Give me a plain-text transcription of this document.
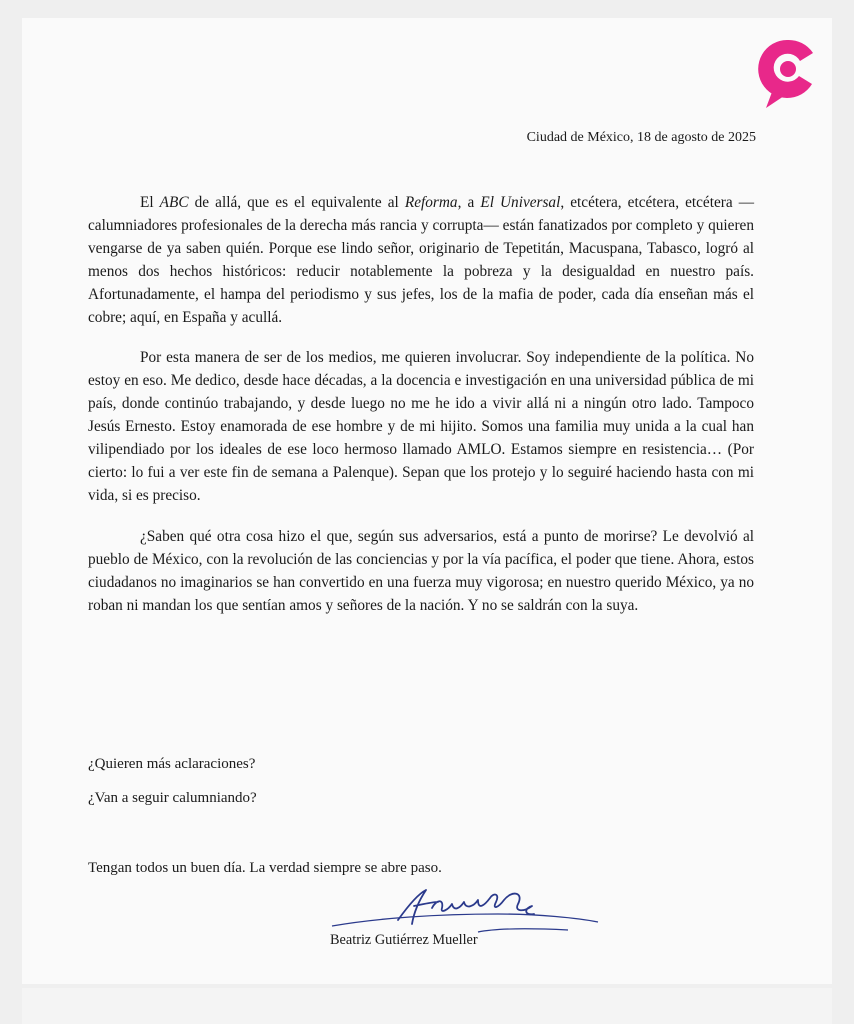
Ciudad de México, 18 de agosto de 2025

El ABC de allá, que es el equivalente al Reforma, a El Universal, etcétera, etcétera, etcétera —calumniadores profesionales de la derecha más rancia y corrupta— están fanatizados por completo y quieren vengarse de ya saben quién. Porque ese lindo señor, originario de Tepetitán, Macuspana, Tabasco, logró al menos dos hechos históricos: reducir notablemente la pobreza y la desigualdad en nuestro país. Afortunadamente, el hampa del periodismo y sus jefes, los de la mafia de poder, cada día enseñan más el cobre; aquí, en España y acullá.

Por esta manera de ser de los medios, me quieren involucrar. Soy independiente de la política. No estoy en eso. Me dedico, desde hace décadas, a la docencia e investigación en una universidad pública de mi país, donde continúo trabajando, y desde luego no me he ido a vivir allá ni a ningún otro lado. Tampoco Jesús Ernesto. Estoy enamorada de ese hombre y de mi hijito. Somos una familia muy unida a la cual han vilipendiado por los ideales de ese loco hermoso llamado AMLO. Estamos siempre en resistencia… (Por cierto: lo fui a ver este fin de semana a Palenque). Sepan que los protejo y lo seguiré haciendo hasta con mi vida, si es preciso.

¿Saben qué otra cosa hizo el que, según sus adversarios, está a punto de morirse? Le devolvió al pueblo de México, con la revolución de las conciencias y por la vía pacífica, el poder que tiene. Ahora, estos ciudadanos no imaginarios se han convertido en una fuerza muy vigorosa; en nuestro querido México, ya no roban ni mandan los que sentían amos y señores de la nación. Y no se saldrán con la suya.

¿Quieren más aclaraciones?
¿Van a seguir calumniando?
Tengan todos un buen día. La verdad siempre se abre paso.
Beatriz Gutiérrez Mueller
